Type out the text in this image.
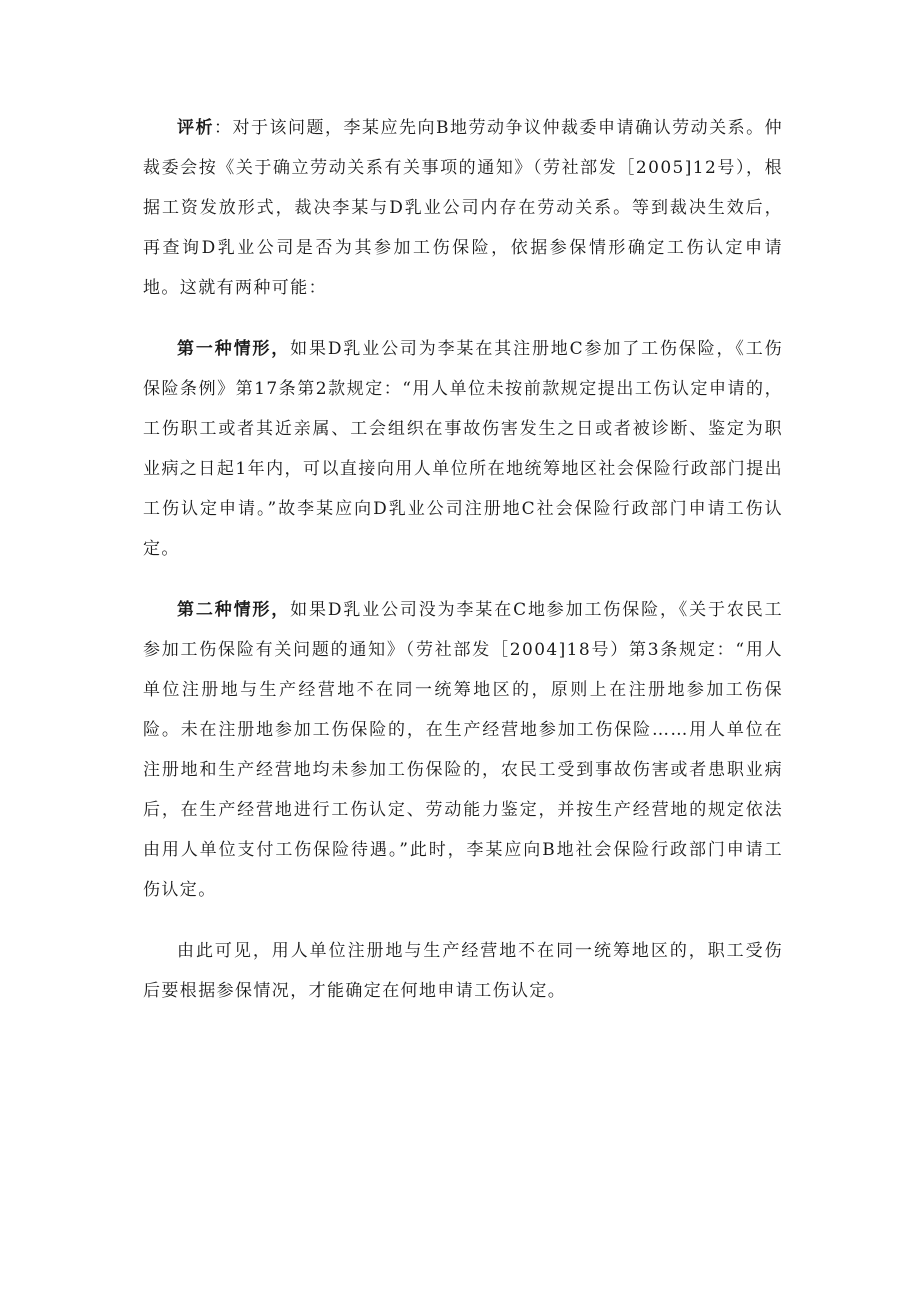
评析：对于该问题，李某应先向B地劳动争议仲裁委申请确认劳动关系。仲裁委会按《关于确立劳动关系有关事项的通知》（劳社部发［2005]12号），根据工资发放形式，裁决李某与D乳业公司内存在劳动关系。等到裁决生效后，再查询D乳业公司是否为其参加工伤保险，依据参保情形确定工伤认定申请地。这就有两种可能：

第一种情形，如果D乳业公司为李某在其注册地C参加了工伤保险，《工伤保险条例》第17条第2款规定：“用人单位未按前款规定提出工伤认定申请的，工伤职工或者其近亲属、工会组织在事故伤害发生之日或者被诊断、鉴定为职业病之日起1年内，可以直接向用人单位所在地统筹地区社会保险行政部门提出工伤认定申请。”故李某应向D乳业公司注册地C社会保险行政部门申请工伤认定。

第二种情形，如果D乳业公司没为李某在C地参加工伤保险，《关于农民工参加工伤保险有关问题的通知》（劳社部发［2004]18号）第3条规定：“用人单位注册地与生产经营地不在同一统筹地区的，原则上在注册地参加工伤保险。未在注册地参加工伤保险的，在生产经营地参加工伤保险……用人单位在注册地和生产经营地均未参加工伤保险的，农民工受到事故伤害或者患职业病后，在生产经营地进行工伤认定、劳动能力鉴定，并按生产经营地的规定依法由用人单位支付工伤保险待遇。”此时，李某应向B地社会保险行政部门申请工伤认定。

由此可见，用人单位注册地与生产经营地不在同一统筹地区的，职工受伤后要根据参保情况，才能确定在何地申请工伤认定。
